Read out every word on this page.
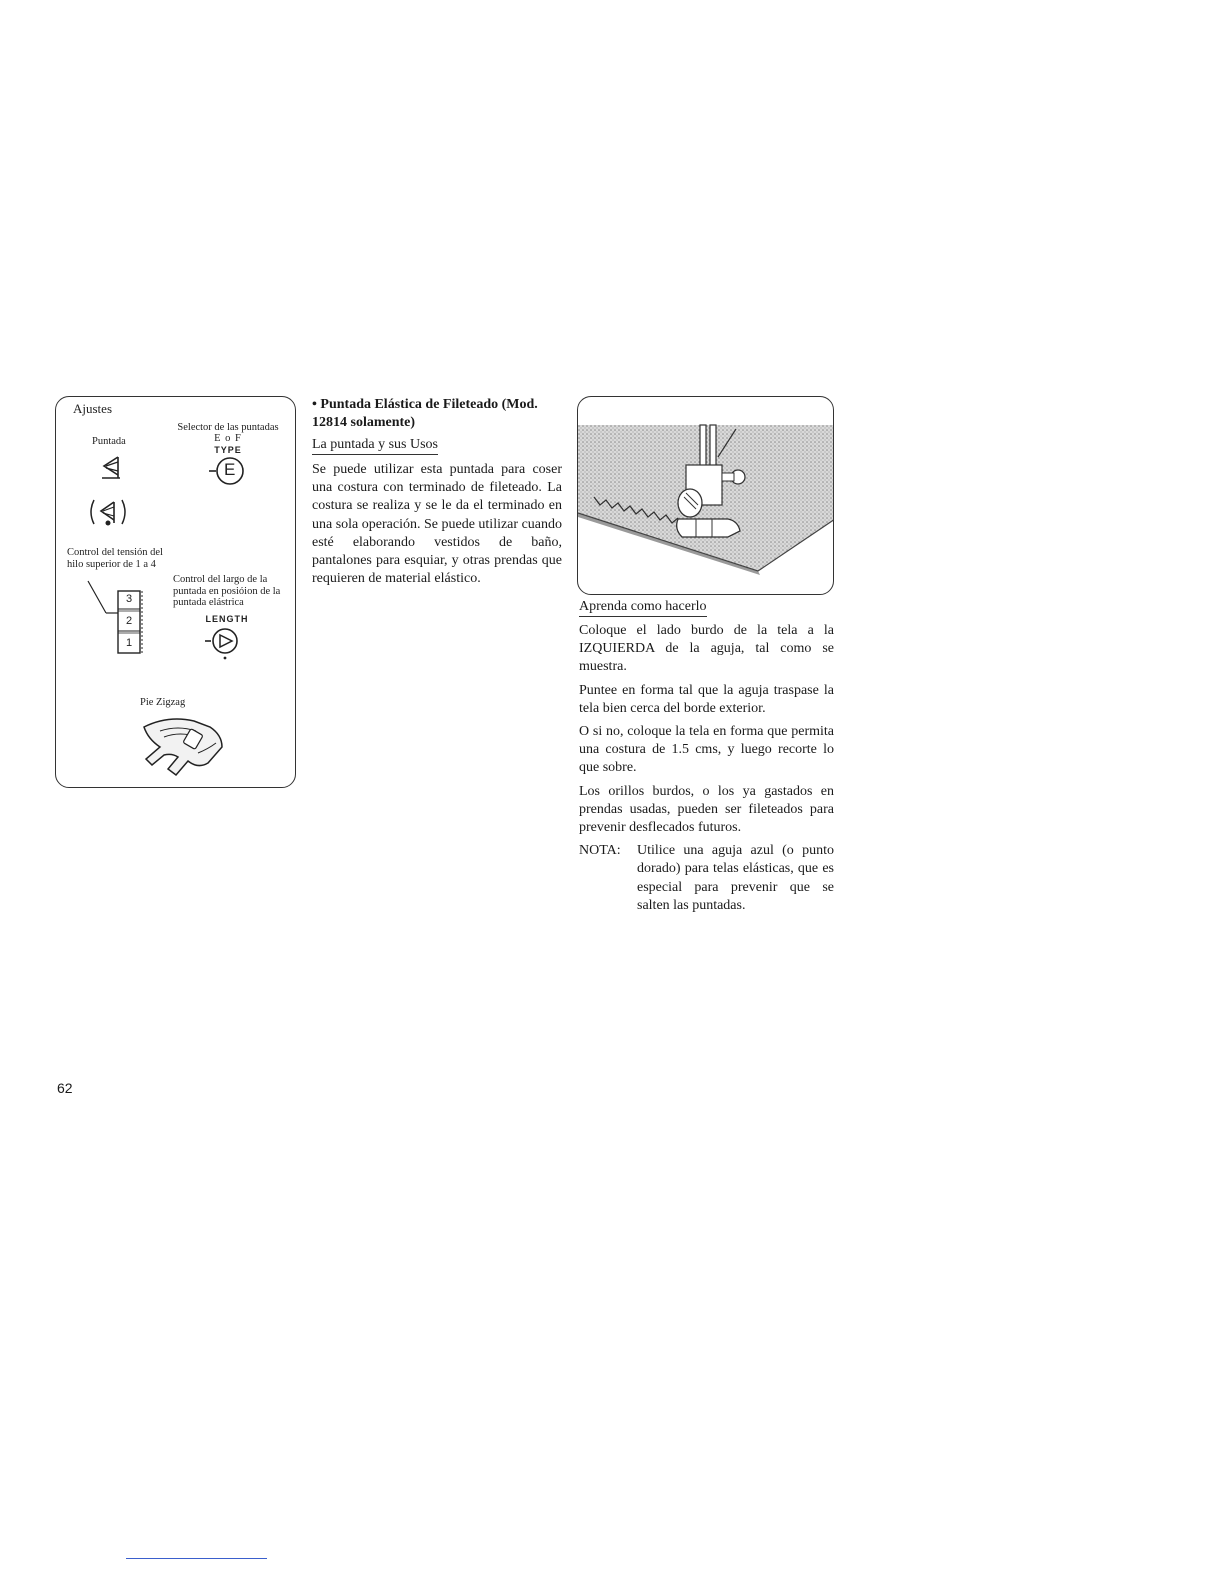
Ajustes
Selector de las puntadas
E o F
TYPE
Puntada
E
Control del tensión del hilo superior de 1 a 4
3
2
1
Control del largo de la puntada en posióion de la puntada elástrica
LENGTH
Pie Zigzag
• Puntada Elástica de Fileteado (Mod. 12814 solamente)
La puntada y sus Usos
Se puede utilizar esta puntada para coser una costura con terminado de fileteado. La costura se realiza y se le da el terminado en una sola operación. Se puede utilizar cuando esté elaborando vestidos de baño, pantalones para esquiar, y otras prendas que requieren de material elástico.
Aprenda como hacerlo

Coloque el lado burdo de la tela a la IZQUIERDA de la aguja, tal como se muestra.

Puntee en forma tal que la aguja traspase la tela bien cerca del borde exterior.

O si no, coloque la tela en forma que permita una costura de 1.5 cms, y luego recorte lo que sobre.

Los orillos burdos, o los ya gastados en prendas usadas, pueden ser fileteados para prevenir desflecados futuros.

NOTA:	Utilice una aguja azul (o punto dorado) para telas elásticas, que es especial para prevenir que se salten las puntadas.
62
